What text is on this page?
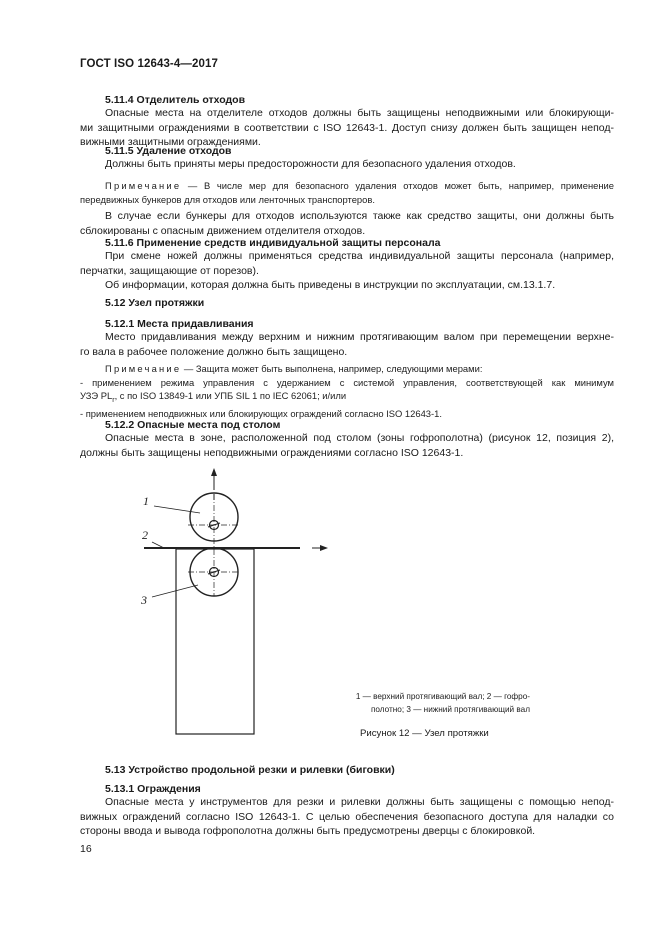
ГОСТ ISO 12643-4—2017
5.11.4 Отделитель отходов
Опасные места на отделителе отходов должны быть защищены неподвижными или блокирующи-
ми защитными ограждениями в соответствии с ISO 12643-1. Доступ снизу должен быть защищен непод-
вижными защитными ограждениями.
5.11.5 Удаление отходов
Должны быть приняты меры предосторожности для безопасного удаления отходов.
Примечание — В числе мер для безопасного удаления отходов может быть, например, применение
передвижных бункеров для отходов или ленточных транспортеров.
В случае если бункеры для отходов используются также как средство защиты, они должны быть
сблокированы с опасным движением отделителя отходов.
5.11.6 Применение средств индивидуальной защиты персонала
При смене ножей должны применяться средства индивидуальной защиты персонала (например,
перчатки, защищающие от порезов).
Об информации, которая должна быть приведены в инструкции по эксплуатации, см.13.1.7.
5.12 Узел протяжки
5.12.1 Места придавливания
Место придавливания между верхним и нижним протягивающим валом при перемещении верхне-
го вала в рабочее положение должно быть защищено.
Примечание — Защита может быть выполнена, например, следующими мерами:
- применением режима управления с удержанием с системой управления, соответствующей как минимум
УЗЭ $PL_r$, с по ISO 13849-1 или УПБ SIL 1 по IEC 62061; и/или
- применением неподвижных или блокирующих ограждений согласно ISO 12643-1.
5.12.2 Опасные места под столом
Опасные места в зоне, расположенной под столом (зоны гофрополотна) (рисунок 12, позиция 2),
должны быть защищены неподвижными ограждениями согласно ISO 12643-1.
1
2
3
1 — верхний протягивающий вал; 2 — гофро-
полотно; 3 — нижний протягивающий вал
Рисунок 12 — Узел протяжки
5.13 Устройство продольной резки и рилевки (биговки)
5.13.1 Ограждения
Опасные места у инструментов для резки и рилевки должны быть защищены с помощью непод-
вижных ограждений согласно ISO 12643-1. С целью обеспечения безопасного доступа для наладки со
стороны ввода и вывода гофрополотна должны быть предусмотрены дверцы с блокировкой.
16
